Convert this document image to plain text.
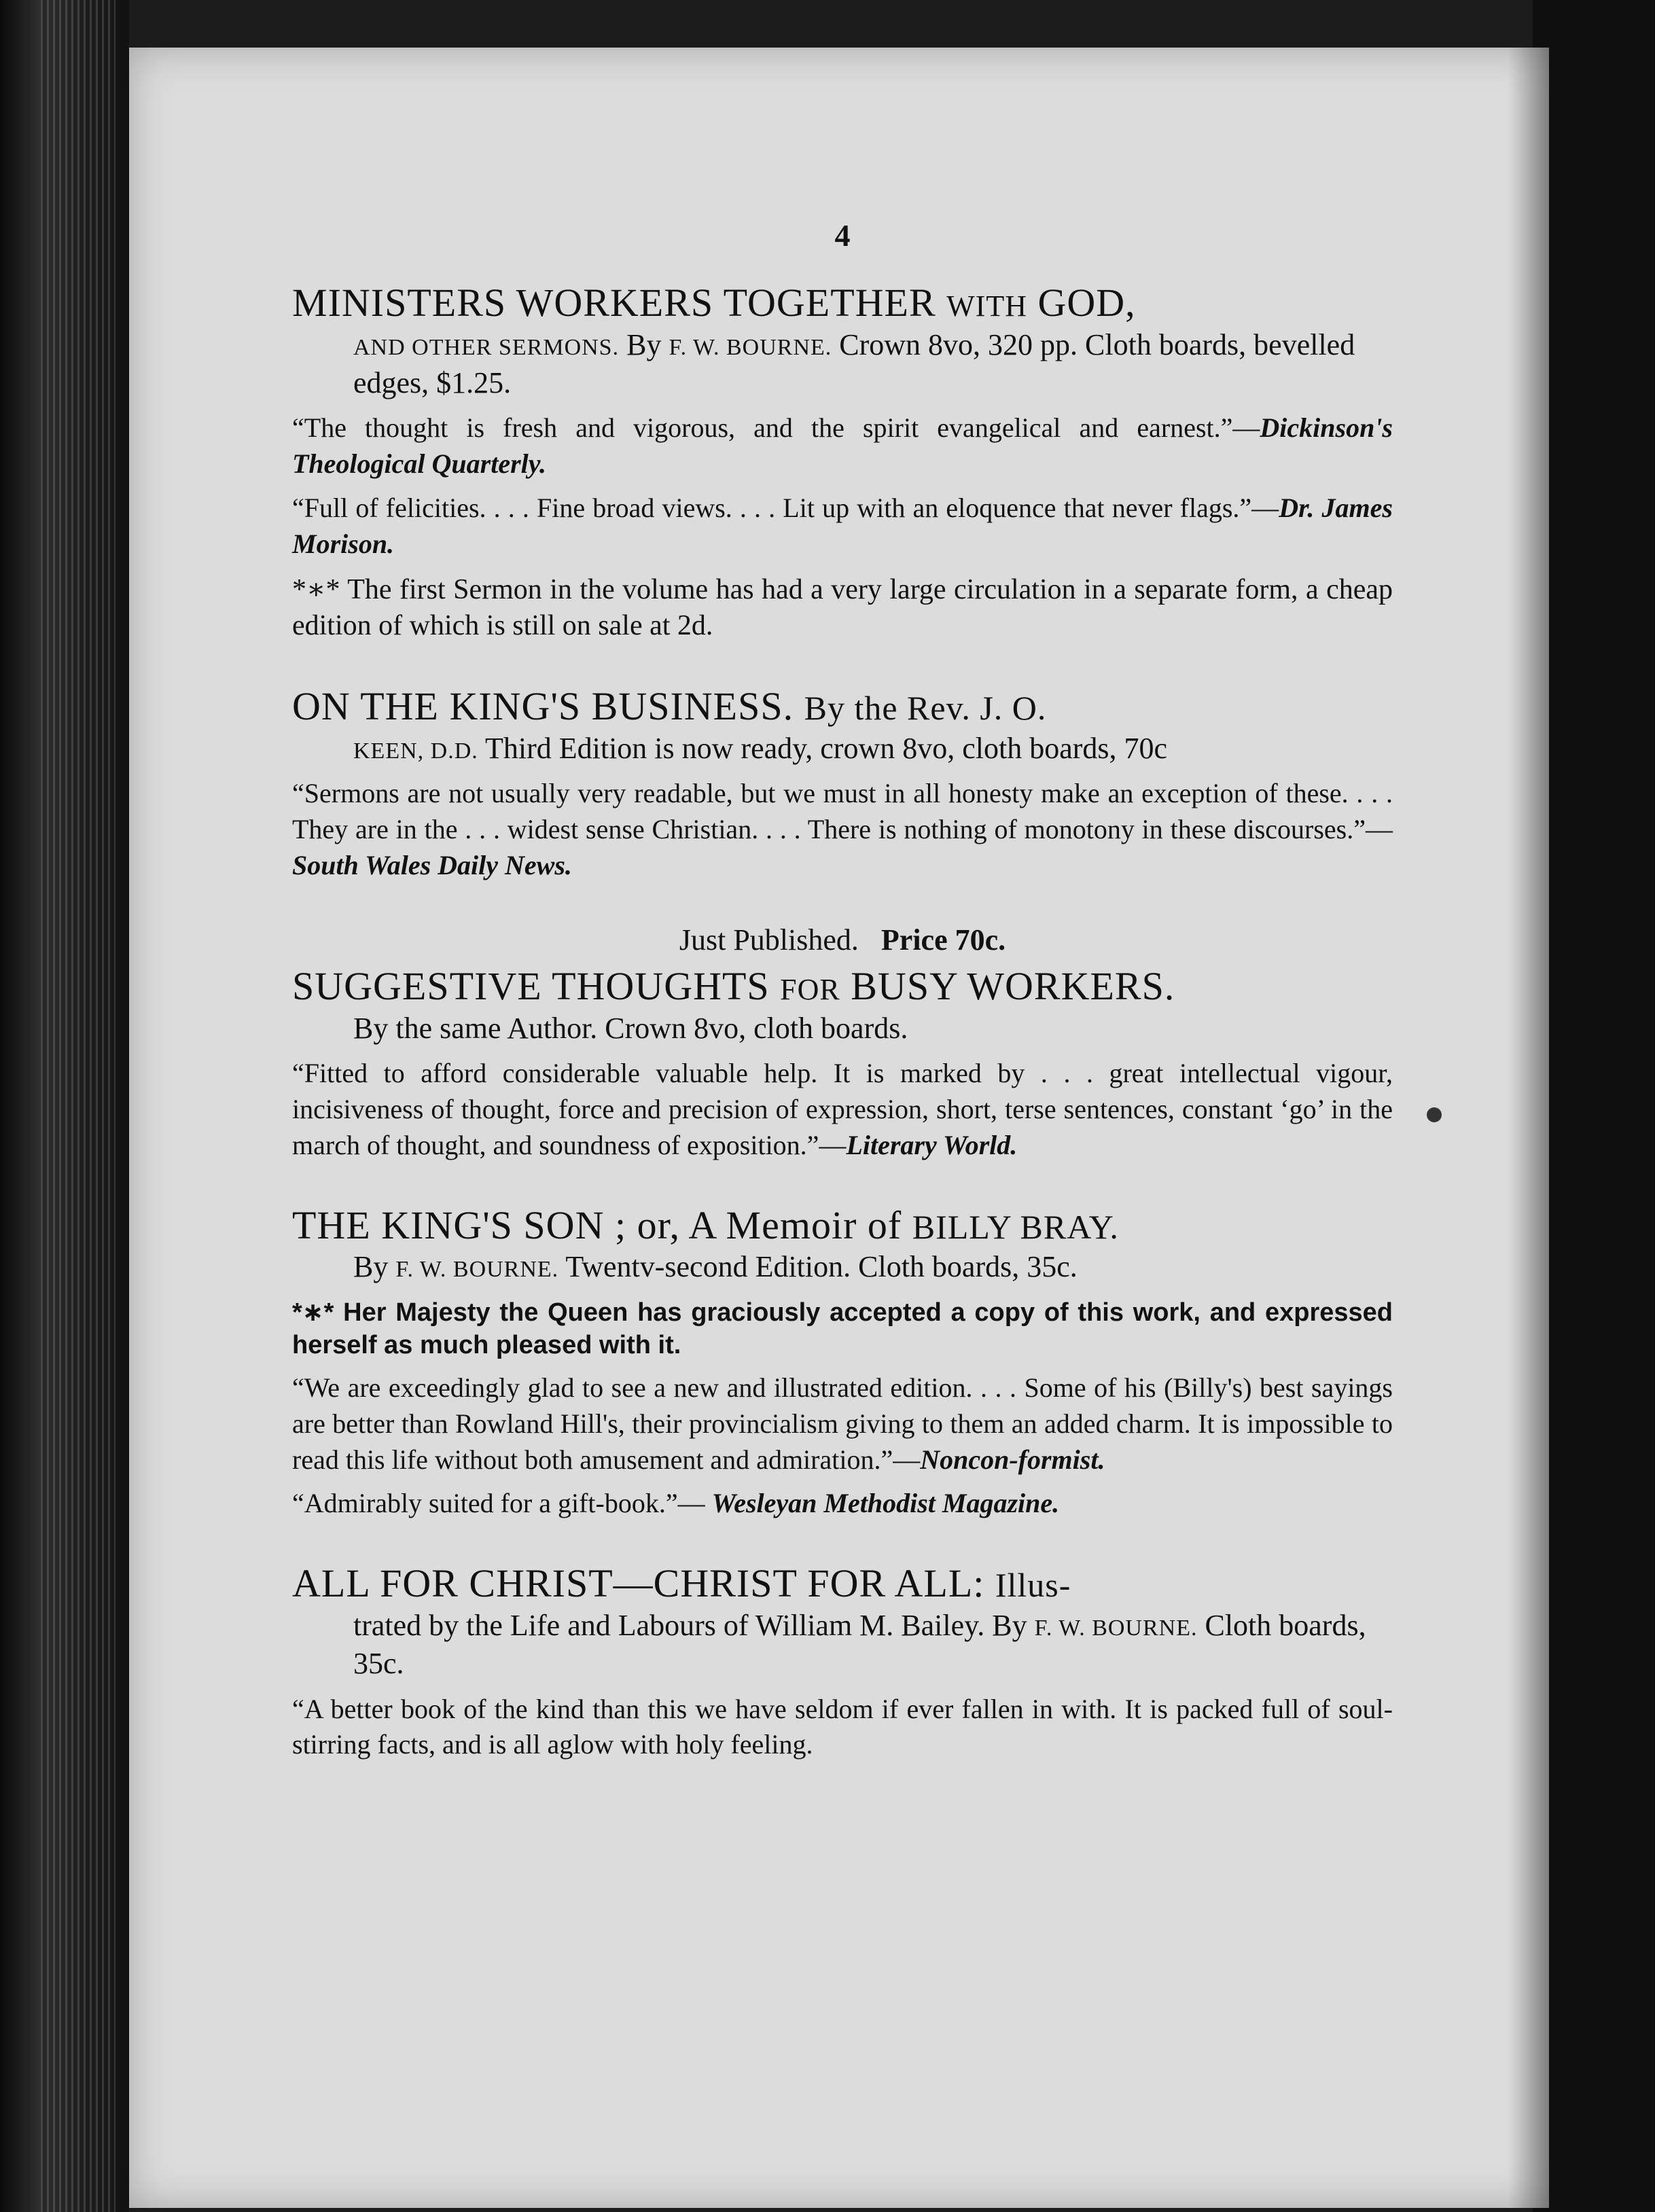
4
MINISTERS WORKERS TOGETHER WITH GOD,
AND OTHER SERMONS. By F. W. BOURNE. Crown 8vo, 320 pp. Cloth boards, bevelled edges, $1.25.
“The thought is fresh and vigorous, and the spirit evangelical and earnest.”—Dickinson's Theological Quarterly.
“Full of felicities. . . . Fine broad views. . . . Lit up with an eloquence that never flags.”—Dr. James Morison.
*∗* The first Sermon in the volume has had a very large circulation in a separate form, a cheap edition of which is still on sale at 2d.
ON THE KING'S BUSINESS. By the Rev. J. O.
KEEN, D.D. Third Edition is now ready, crown 8vo, cloth boards, 70c
“Sermons are not usually very readable, but we must in all honesty make an exception of these. . . . They are in the . . . widest sense Christian. . . . There is nothing of monotony in these discourses.”—South Wales Daily News.
Just Published. Price 70c.
SUGGESTIVE THOUGHTS FOR BUSY WORKERS.
By the same Author. Crown 8vo, cloth boards.
“Fitted to afford considerable valuable help. It is marked by . . . great intellectual vigour, incisiveness of thought, force and precision of expression, short, terse sentences, constant ‘go’ in the march of thought, and soundness of exposition.”—Literary World.
THE KING'S SON ; or, A Memoir of BILLY BRAY.
By F. W. BOURNE. Twentv-second Edition. Cloth boards, 35c.
*∗* Her Majesty the Queen has graciously accepted a copy of this work, and expressed herself as much pleased with it.
“We are exceedingly glad to see a new and illustrated edition. . . . Some of his (Billy's) best sayings are better than Rowland Hill's, their provincialism giving to them an added charm. It is impossible to read this life without both amusement and admiration.”—Noncon-formist.
“Admirably suited for a gift-book.”— Wesleyan Methodist Magazine.
ALL FOR CHRIST—CHRIST FOR ALL: Illus-
trated by the Life and Labours of William M. Bailey. By F. W. BOURNE. Cloth boards, 35c.
“A better book of the kind than this we have seldom if ever fallen in with. It is packed full of soul-stirring facts, and is all aglow with holy feeling.
